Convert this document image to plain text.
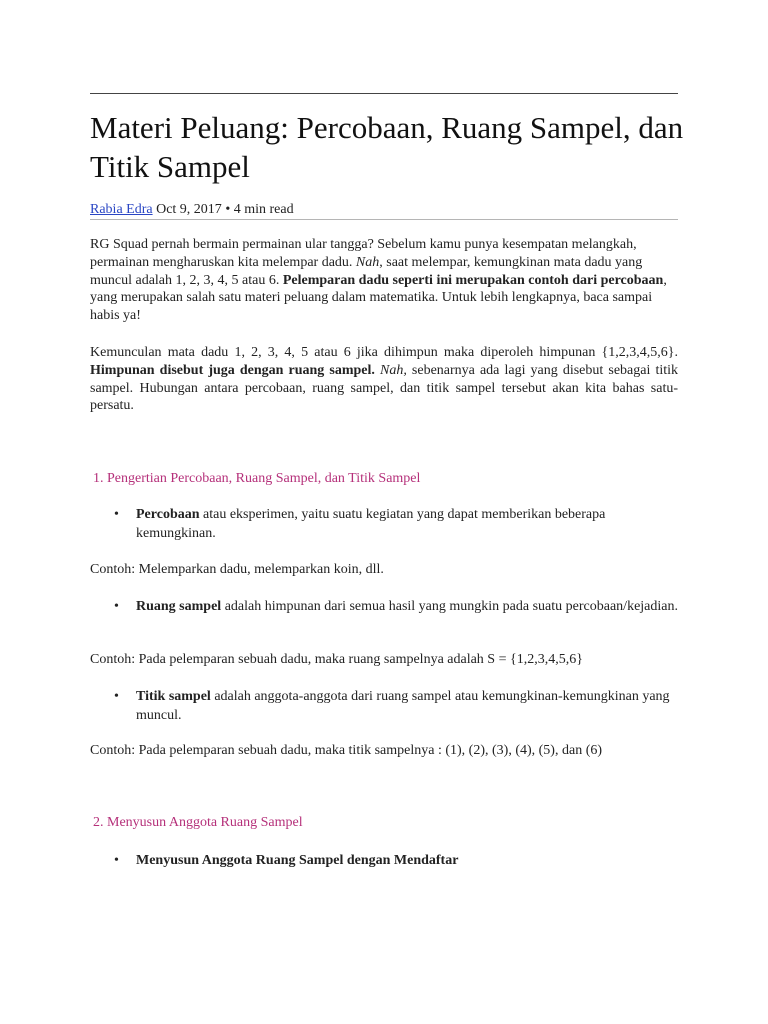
Materi Peluang: Percobaan, Ruang Sampel, dan Titik Sampel
Rabia Edra Oct 9, 2017 • 4 min read

RG Squad pernah bermain permainan ular tangga? Sebelum kamu punya kesempatan melangkah, permainan mengharuskan kita melempar dadu. Nah, saat melempar, kemungkinan mata dadu yang muncul adalah 1, 2, 3, 4, 5 atau 6. Pelemparan dadu seperti ini merupakan contoh dari percobaan, yang merupakan salah satu materi peluang dalam matematika. Untuk lebih lengkapnya, baca sampai habis ya!

Kemunculan mata dadu 1, 2, 3, 4, 5 atau 6 jika dihimpun maka diperoleh himpunan {1,2,3,4,5,6}. Himpunan disebut juga dengan ruang sampel. Nah, sebenarnya ada lagi yang disebut sebagai titik sampel. Hubungan antara percobaan, ruang sampel, dan titik sampel tersebut akan kita bahas satu-persatu.

1. Pengertian Percobaan, Ruang Sampel, dan Titik Sampel
• Percobaan atau eksperimen, yaitu suatu kegiatan yang dapat memberikan beberapa kemungkinan.

Contoh: Melemparkan dadu, melemparkan koin, dll.

• Ruang sampel adalah himpunan dari semua hasil yang mungkin pada suatu percobaan/kejadian.

Contoh: Pada pelemparan sebuah dadu, maka ruang sampelnya adalah S = {1,2,3,4,5,6}

• Titik sampel adalah anggota-anggota dari ruang sampel atau kemungkinan-kemungkinan yang muncul.

Contoh: Pada pelemparan sebuah dadu, maka titik sampelnya : (1), (2), (3), (4), (5), dan (6)

2. Menyusun Anggota Ruang Sampel
• Menyusun Anggota Ruang Sampel dengan Mendaftar
